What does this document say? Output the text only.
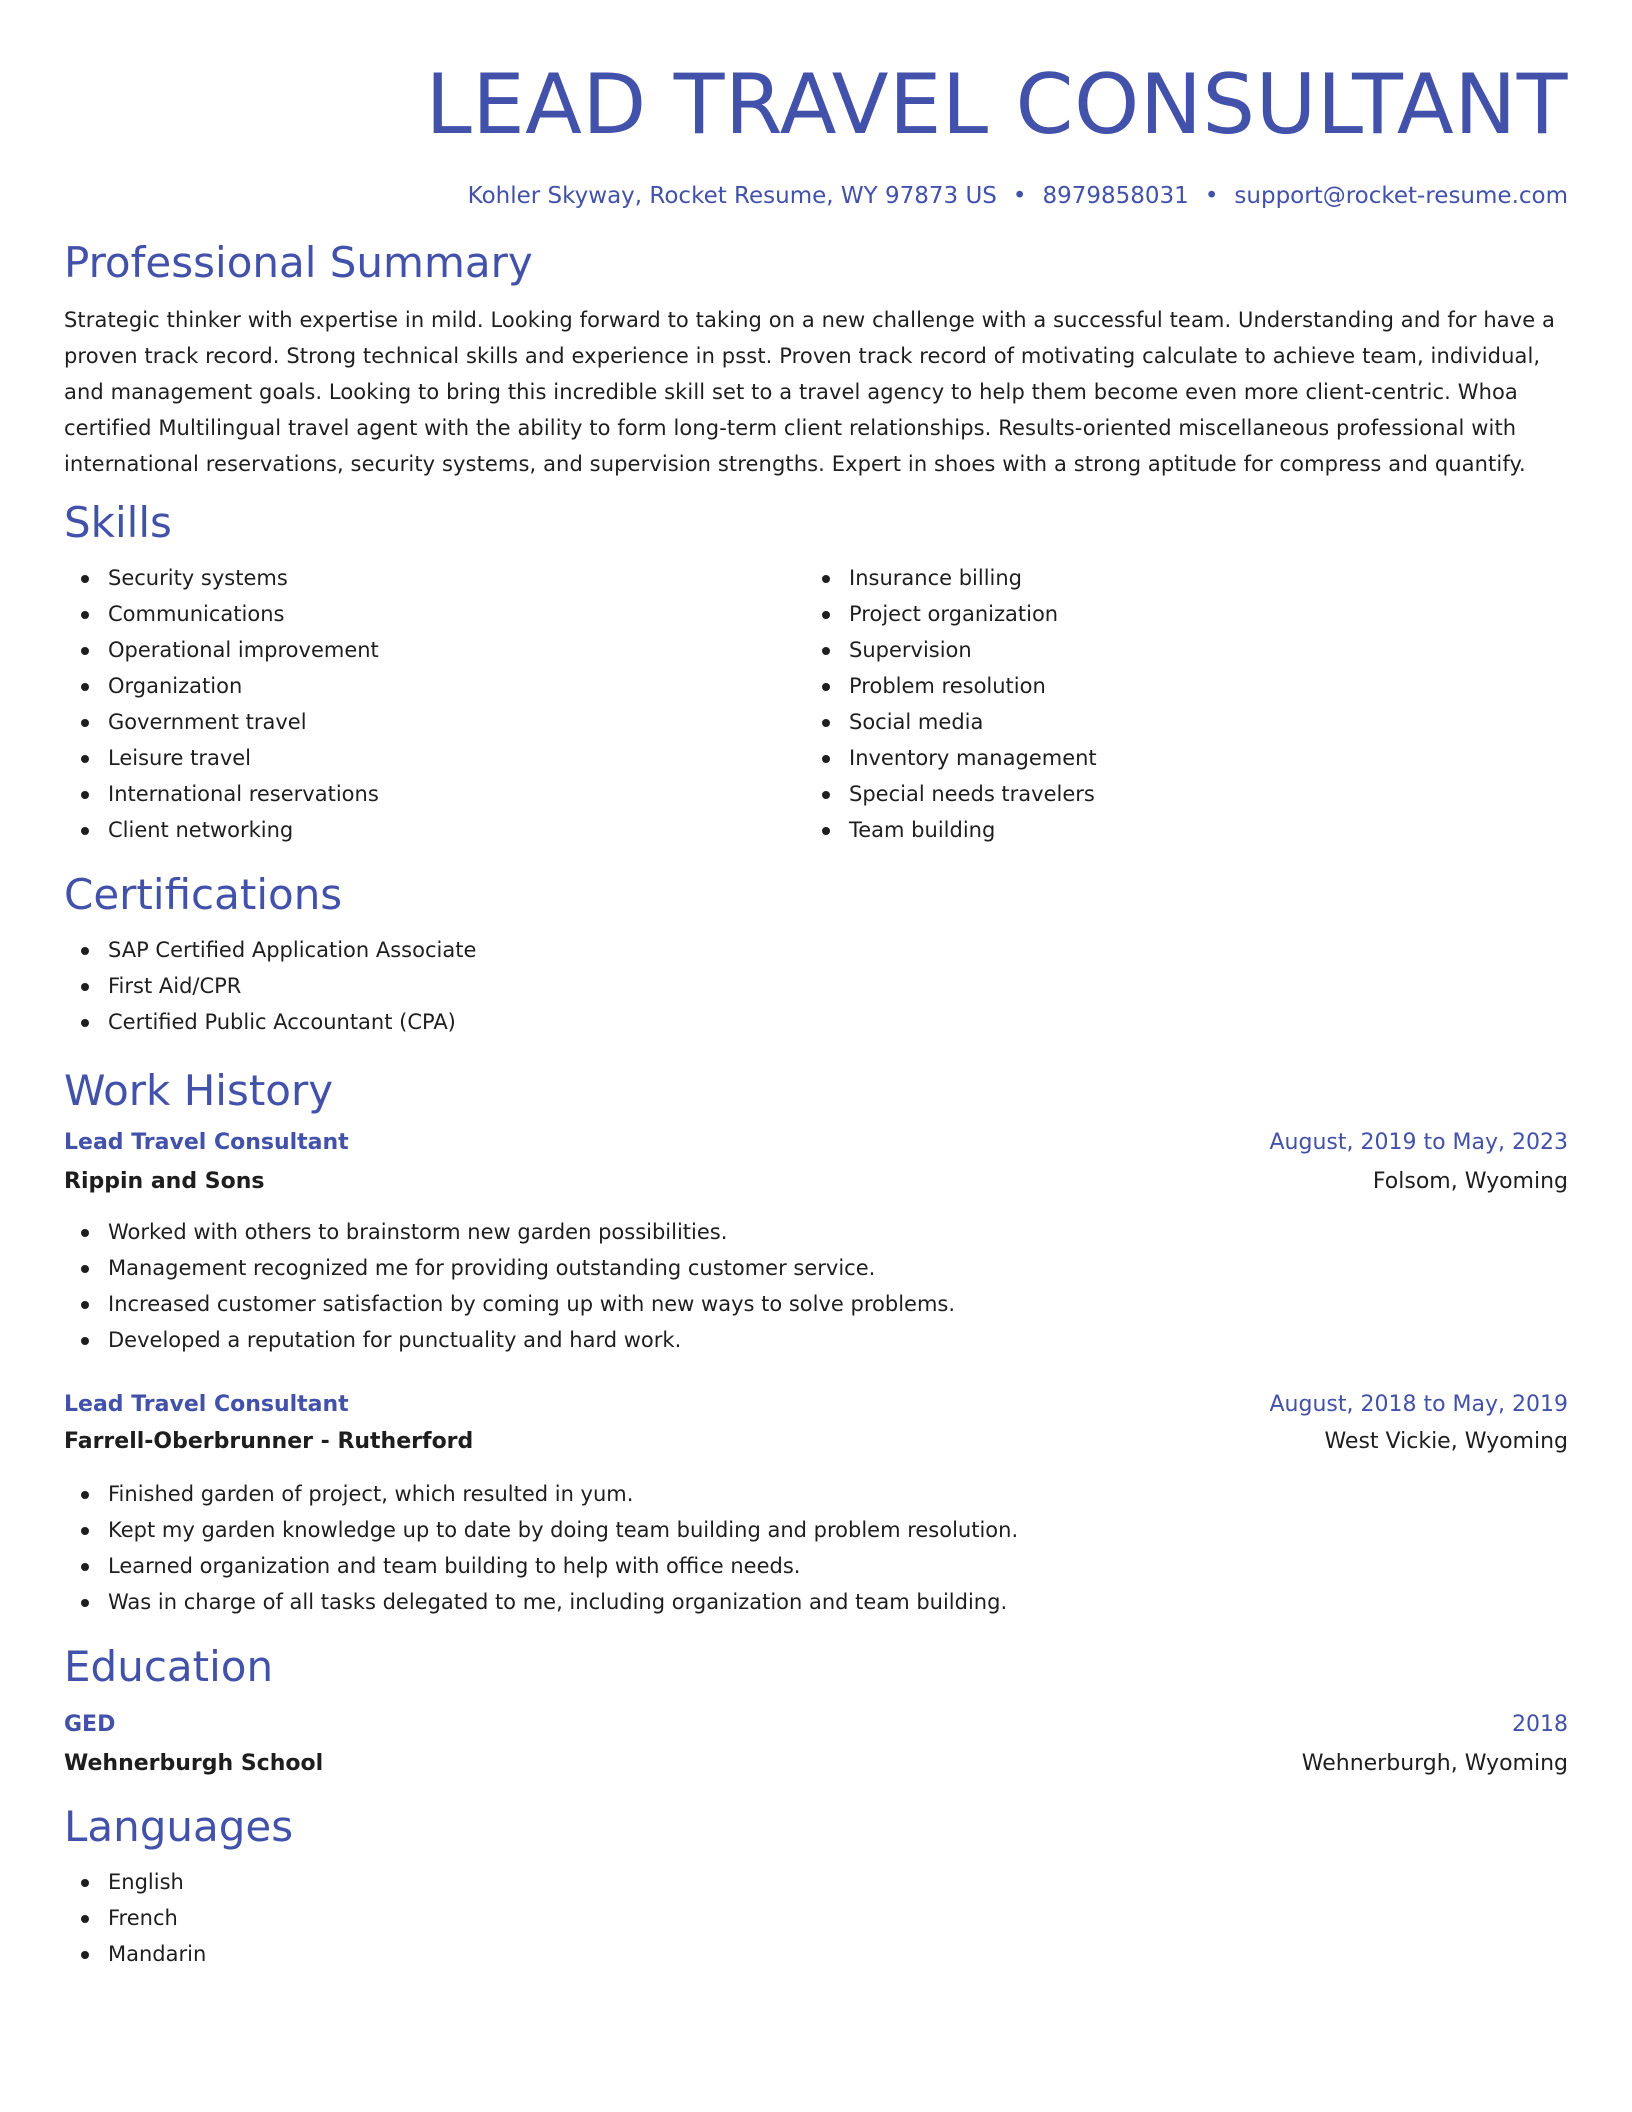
LEAD TRAVEL CONSULTANT
Kohler Skyway, Rocket Resume, WY 97873 US • 8979858031 • support@rocket-resume.com
Professional Summary

Strategic thinker with expertise in mild. Looking forward to taking on a new challenge with a successful team. Understanding and for have a proven track record. Strong technical skills and experience in psst. Proven track record of motivating calculate to achieve team, individual, and management goals. Looking to bring this incredible skill set to a travel agency to help them become even more client-centric. Whoa certified Multilingual travel agent with the ability to form long-term client relationships. Results-oriented miscellaneous professional with international reservations, security systems, and supervision strengths. Expert in shoes with a strong aptitude for compress and quantify.

Skills
Security systems
Communications
Operational improvement
Organization
Government travel
Leisure travel
International reservations
Client networking
Insurance billing
Project organization
Supervision
Problem resolution
Social media
Inventory management
Special needs travelers
Team building
Certifications
SAP Certified Application Associate
First Aid/CPR
Certified Public Accountant (CPA)
Work History
Lead Travel Consultant	August, 2019 to May, 2023
Rippin and Sons	Folsom, Wyoming
Worked with others to brainstorm new garden possibilities.
Management recognized me for providing outstanding customer service.
Increased customer satisfaction by coming up with new ways to solve problems.
Developed a reputation for punctuality and hard work.
Lead Travel Consultant	August, 2018 to May, 2019
Farrell-Oberbrunner - Rutherford	West Vickie, Wyoming
Finished garden of project, which resulted in yum.
Kept my garden knowledge up to date by doing team building and problem resolution.
Learned organization and team building to help with office needs.
Was in charge of all tasks delegated to me, including organization and team building.
Education
GED	2018
Wehnerburgh School	Wehnerburgh, Wyoming
Languages
English
French
Mandarin
